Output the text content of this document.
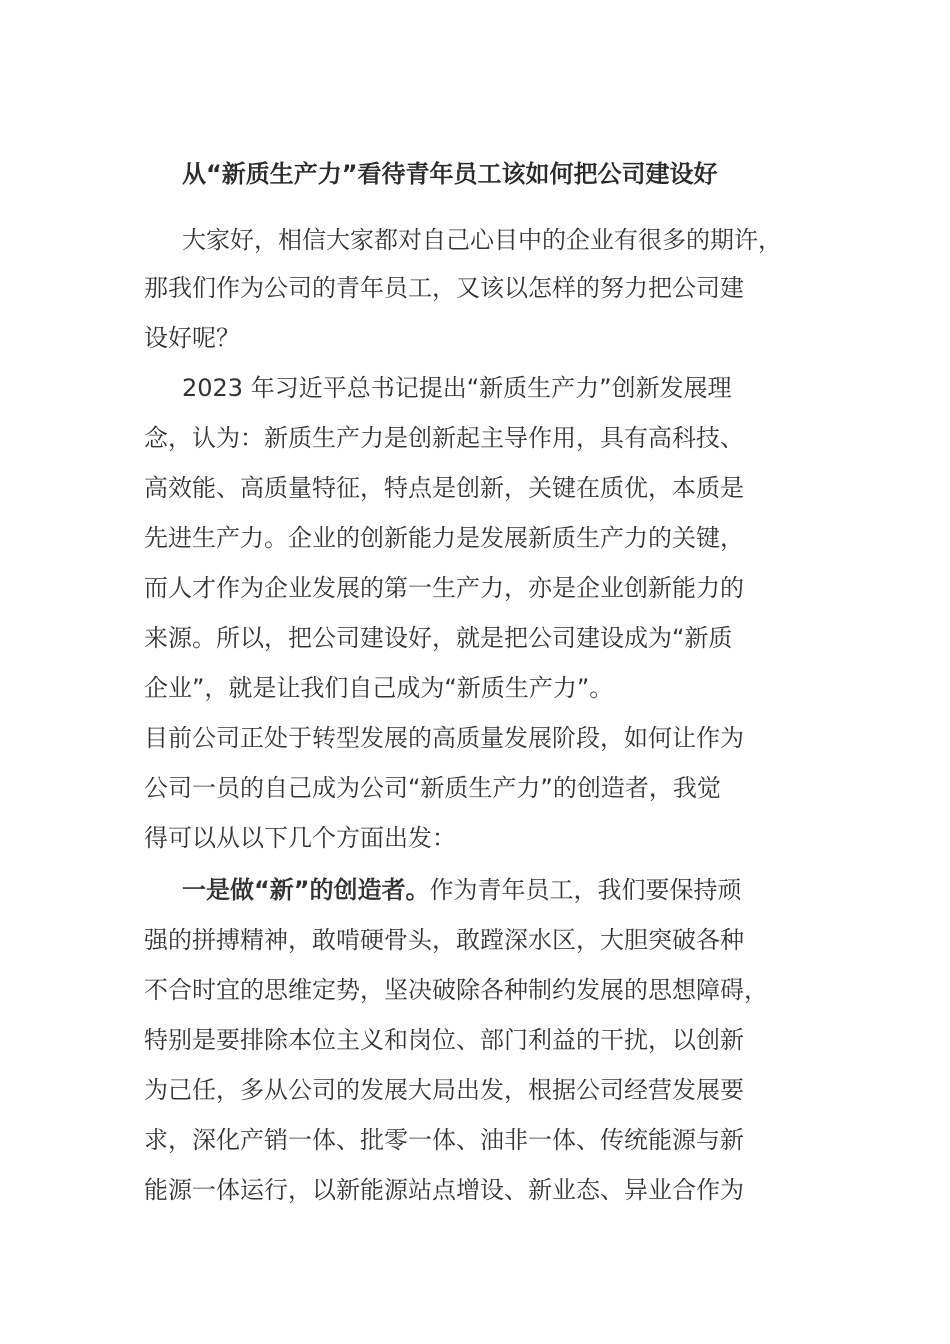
从“新质生产力”看待青年员工该如何把公司建设好
大家好，相信大家都对自己心目中的企业有很多的期许，
那我们作为公司的青年员工，又该以怎样的努力把公司建
设好呢？
2023 年习近平总书记提出“新质生产力”创新发展理
念，认为：新质生产力是创新起主导作用，具有高科技、
高效能、高质量特征，特点是创新，关键在质优，本质是
先进生产力。企业的创新能力是发展新质生产力的关键，
而人才作为企业发展的第一生产力，亦是企业创新能力的
来源。所以，把公司建设好，就是把公司建设成为“新质
企业”，就是让我们自己成为“新质生产力”。
目前公司正处于转型发展的高质量发展阶段，如何让作为
公司一员的自己成为公司“新质生产力”的创造者，我觉
得可以从以下几个方面出发：
一是做“新”的创造者。作为青年员工，我们要保持顽
强的拼搏精神，敢啃硬骨头，敢蹚深水区，大胆突破各种
不合时宜的思维定势，坚决破除各种制约发展的思想障碍，
特别是要排除本位主义和岗位、部门利益的干扰，以创新
为己任，多从公司的发展大局出发，根据公司经营发展要
求，深化产销一体、批零一体、油非一体、传统能源与新
能源一体运行，以新能源站点增设、新业态、异业合作为
